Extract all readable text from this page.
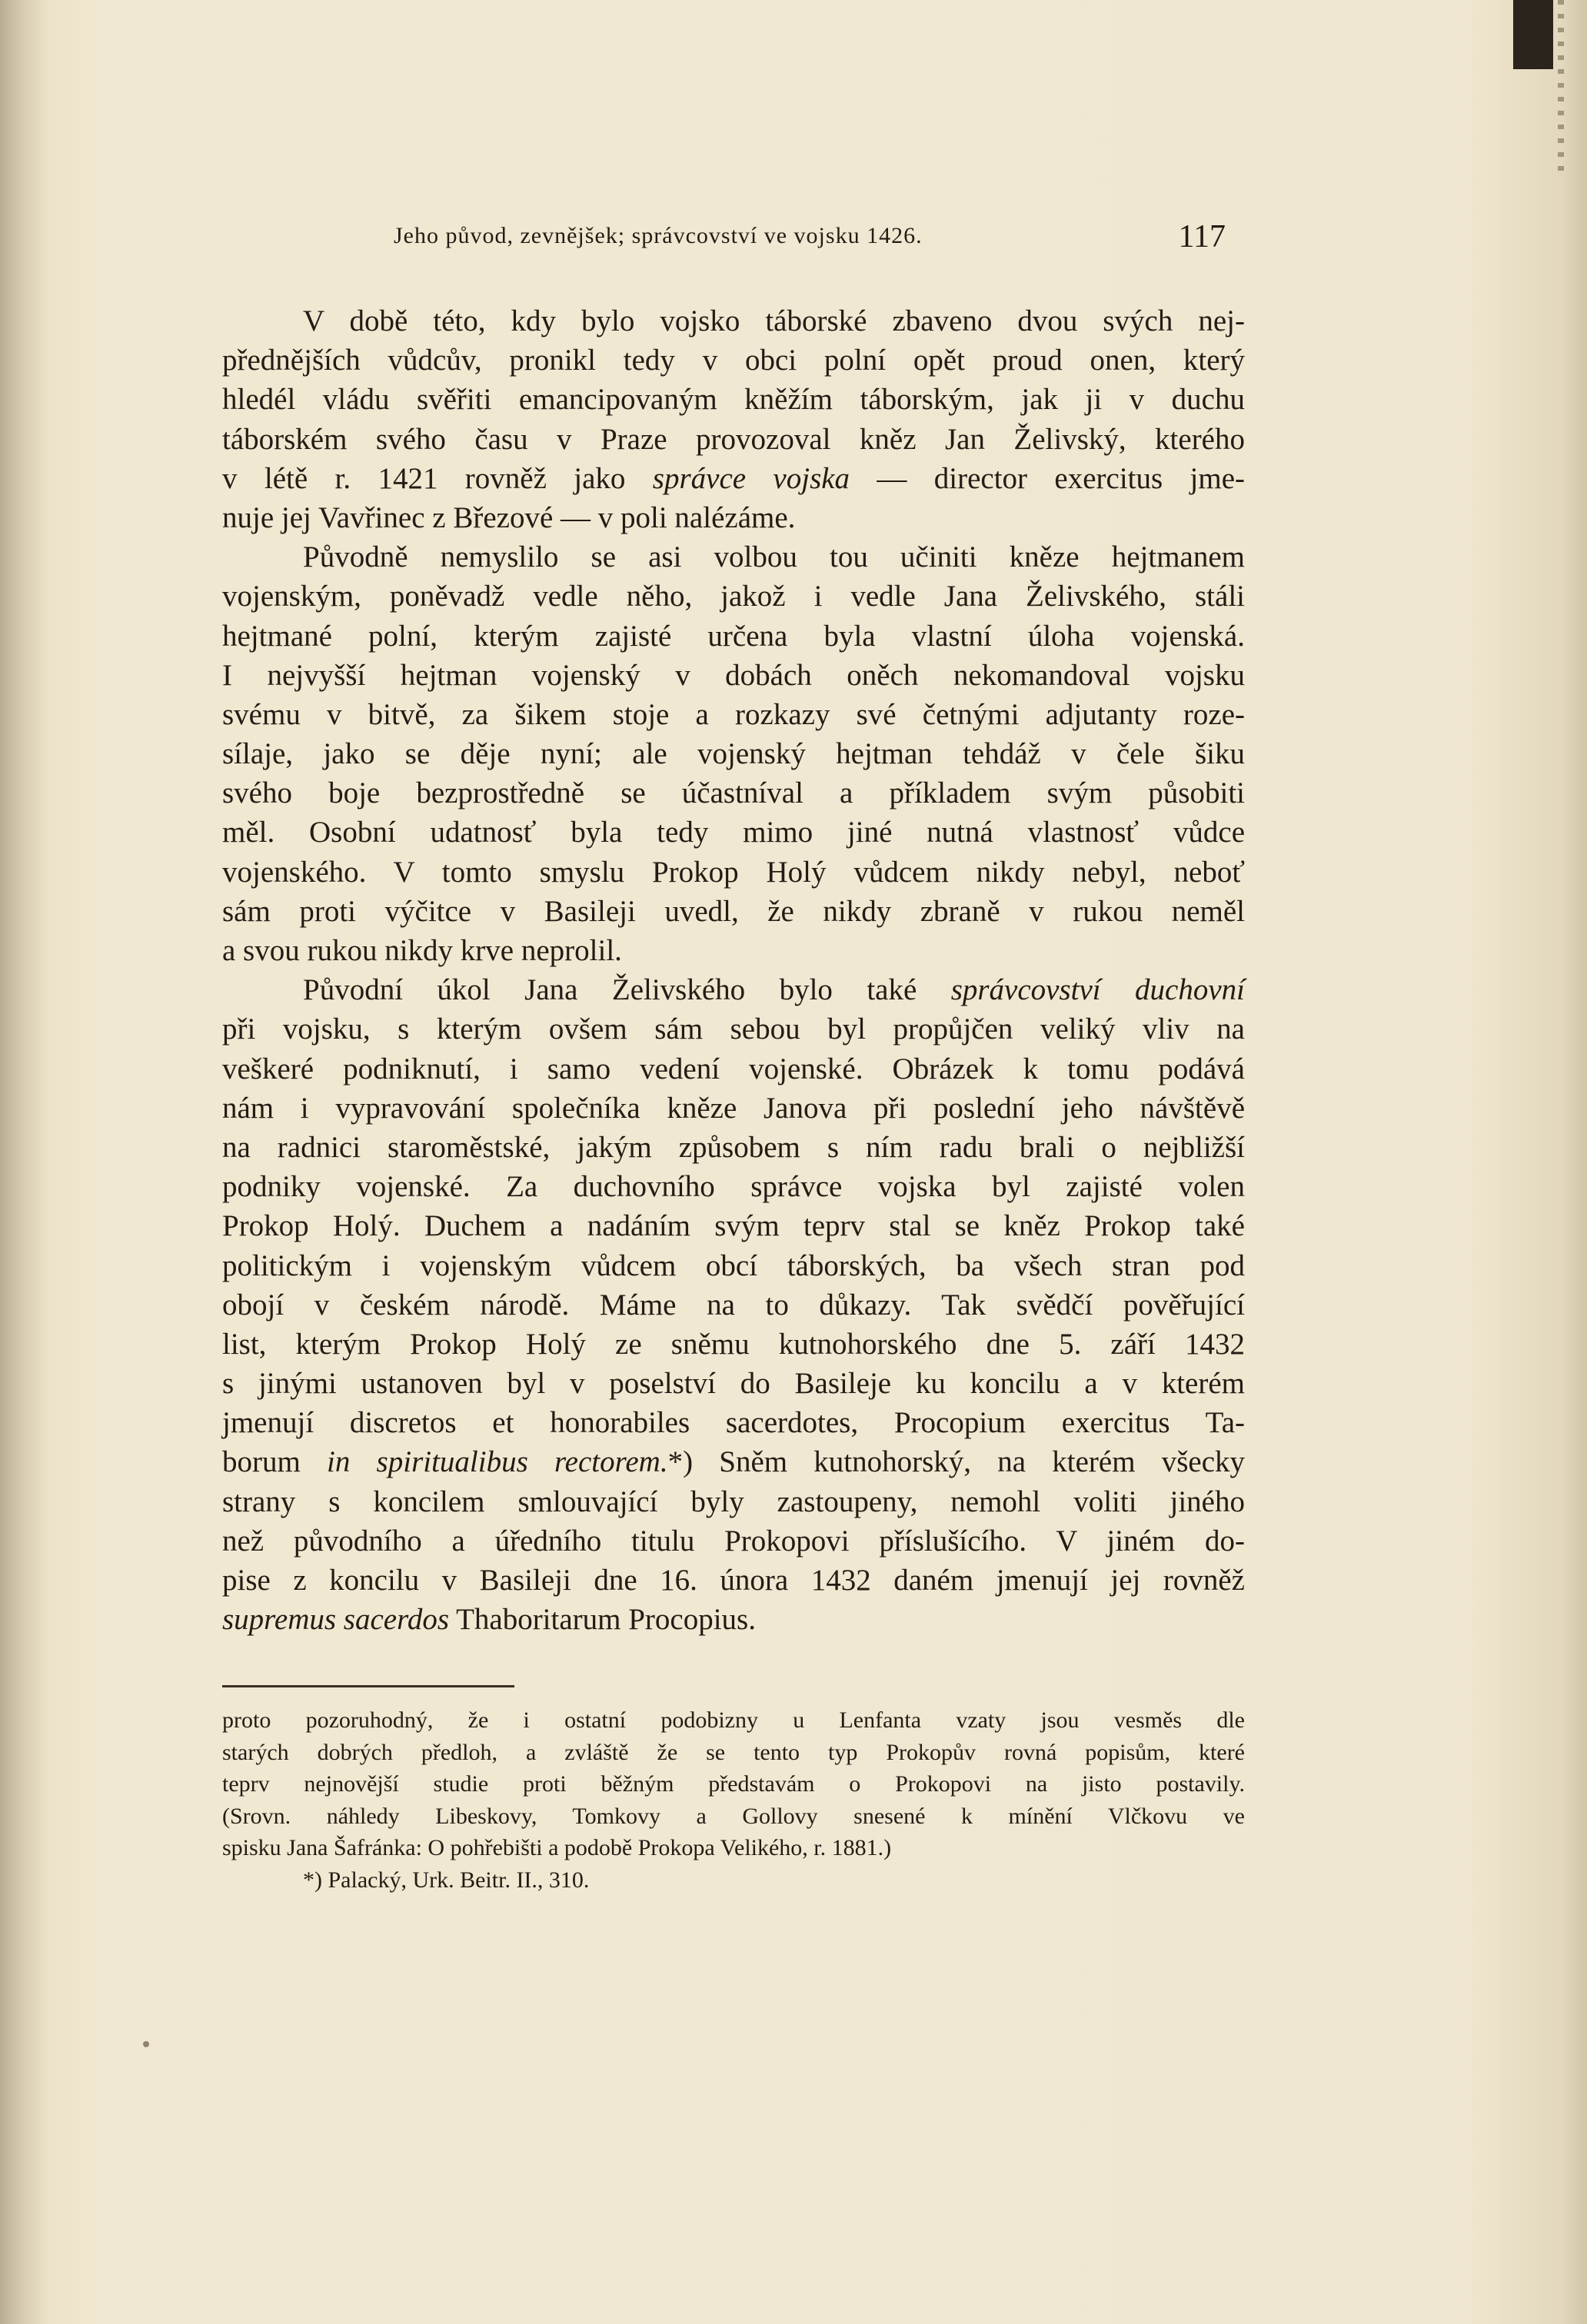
Jeho původ, zevnějšek; správcovství ve vojsku 1426.	117
V době této, kdy bylo vojsko táborské zbaveno dvou svých nej-
přednějších vůdcův, pronikl tedy v obci polní opět proud onen, který
hledél vládu svěřiti emancipovaným kněžím táborským, jak ji v duchu
táborském svého času v Praze provozoval kněz Jan Želivský, kterého
v létě r. 1421 rovněž jako správce vojska — director exercitus jme-
nuje jej Vavřinec z Březové — v poli nalézáme.
Původně nemyslilo se asi volbou tou učiniti kněze hejtmanem
vojenským, poněvadž vedle něho, jakož i vedle Jana Želivského, stáli
hejtmané polní, kterým zajisté určena byla vlastní úloha vojenská.
I nejvyšší hejtman vojenský v dobách oněch nekomandoval vojsku
svému v bitvě, za šikem stoje a rozkazy své četnými adjutanty roze-
sílaje, jako se děje nyní; ale vojenský hejtman tehdáž v čele šiku
svého boje bezprostředně se účastníval a příkladem svým působiti
měl. Osobní udatnosť byla tedy mimo jiné nutná vlastnosť vůdce
vojenského. V tomto smyslu Prokop Holý vůdcem nikdy nebyl, neboť
sám proti výčitce v Basileji uvedl, že nikdy zbraně v rukou neměl
a svou rukou nikdy krve neprolil.
Původní úkol Jana Želivského bylo také správcovství duchovní
při vojsku, s kterým ovšem sám sebou byl propůjčen veliký vliv na
veškeré podniknutí, i samo vedení vojenské. Obrázek k tomu podává
nám i vypravování společníka kněze Janova při poslední jeho návštěvě
na radnici staroměstské, jakým způsobem s ním radu brali o nejbližší
podniky vojenské. Za duchovního správce vojska byl zajisté volen
Prokop Holý. Duchem a nadáním svým teprv stal se kněz Prokop také
politickým i vojenským vůdcem obcí táborských, ba všech stran pod
obojí v českém národě. Máme na to důkazy. Tak svědčí pověřující
list, kterým Prokop Holý ze sněmu kutnohorského dne 5. září 1432
s jinými ustanoven byl v poselství do Basileje ku koncilu a v kterém
jmenují discretos et honorabiles sacerdotes, Procopium exercitus Ta-
borum in spiritualibus rectorem.*) Sněm kutnohorský, na kterém všecky
strany s koncilem smlouvající byly zastoupeny, nemohl voliti jiného
než původního a úředního titulu Prokopovi příslušícího. V jiném do-
pise z koncilu v Basileji dne 16. února 1432 daném jmenují jej rovněž
supremus sacerdos Thaboritarum Procopius.
proto pozoruhodný, že i ostatní podobizny u Lenfanta vzaty jsou vesměs dle
starých dobrých předloh, a zvláště že se tento typ Prokopův rovná popisům, které
teprv nejnovější studie proti běžným představám o Prokopovi na jisto postavily.
(Srovn. náhledy Libeskovy, Tomkovy a Gollovy snesené k mínění Vlčkovu ve
spisku Jana Šafránka: O pohřebišti a podobě Prokopa Velikého, r. 1881.)
*) Palacký, Urk. Beitr. II., 310.
